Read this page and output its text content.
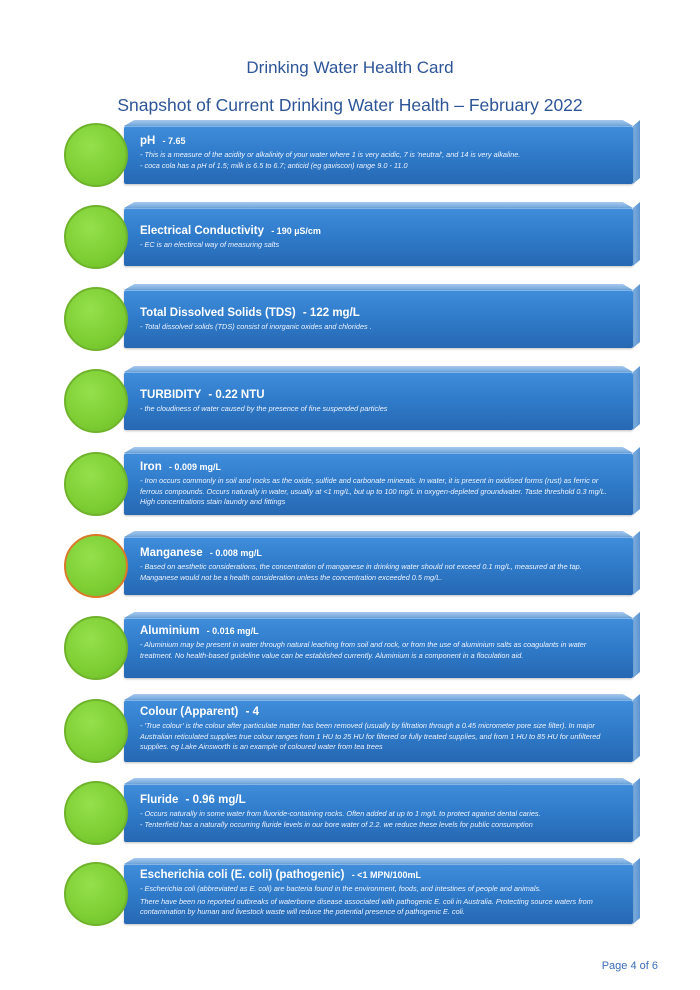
Drinking Water Health Card
Snapshot of Current Drinking Water Health – February 2022
pH - 7.65

- This is a measure of the acidity or alkalinity of your water where 1 is very acidic, 7 is 'neutral', and 14 is very alkaline.

- coca cola has a pH of 1.5; milk is 6.5 to 6.7; anticid (eg gaviscon) range 9.0 - 11.0

Electrical Conductivity - 190 µS/cm

- EC is an electircal way of measuring salts

Total Dissolved Solids (TDS) - 122 mg/L

- Total dissolved solids (TDS) consist of inorganic oxides and chlorides .

TURBIDITY - 0.22 NTU

- the cloudiness of water caused by the presence of fine suspended particles

Iron - 0.009 mg/L

- Iron occurs commonly in soil and rocks as the oxide, sulfide and carbonate minerals. In water, it is present in oxidised forms (rust) as ferric or ferrous compounds. Occurs naturally in water, usually at <1 mg/L, but up to 100 mg/L in oxygen-depleted groundwater. Taste threshold 0.3 mg/L. High concentrations stain laundry and fittings

Manganese - 0.008 mg/L

- Based on aesthetic considerations, the concentration of manganese in drinking water should not exceed 0.1 mg/L, measured at the tap. Manganese would not be a health consideration unless the concentration exceeded 0.5 mg/L.

Aluminium - 0.016 mg/L

- Aluminium may be present in water through natural leaching from soil and rock, or from the use of aluminium salts as coagulants in water treatment. No health-based guideline value can be established currently. Aluminium is a component in a floculation aid.

Colour (Apparent) - 4

- 'True colour' is the colour after particulate matter has been removed (usually by filtration through a 0.45 micrometer pore size filter). In major Australian reticulated supplies true colour ranges from 1 HU to 25 HU for filtered or fully treated supplies, and from 1 HU to 85 HU for unfiltered supplies. eg Lake Ainsworth is an example of coloured water from tea trees

Fluride - 0.96 mg/L

- Occurs naturally in some water from fluoride-containing rocks. Often added at up to 1 mg/L to protect against dental caries.

- Tenterfield has a naturally occurring fluride levels in our bore water of 2.2. we reduce these levels for public consumption

Escherichia coli (E. coli) (pathogenic) - <1 MPN/100mL

- Escherichia coli (abbreviated as E. coli) are bacteria found in the environment, foods, and intestines of people and animals.

There have been no reported outbreaks of waterborne disease associated with pathogenic E. coli in Australia. Protecting source waters from contamination by human and livestock waste will reduce the potential presence of pathogenic E. coli.

Page 4 of 6
